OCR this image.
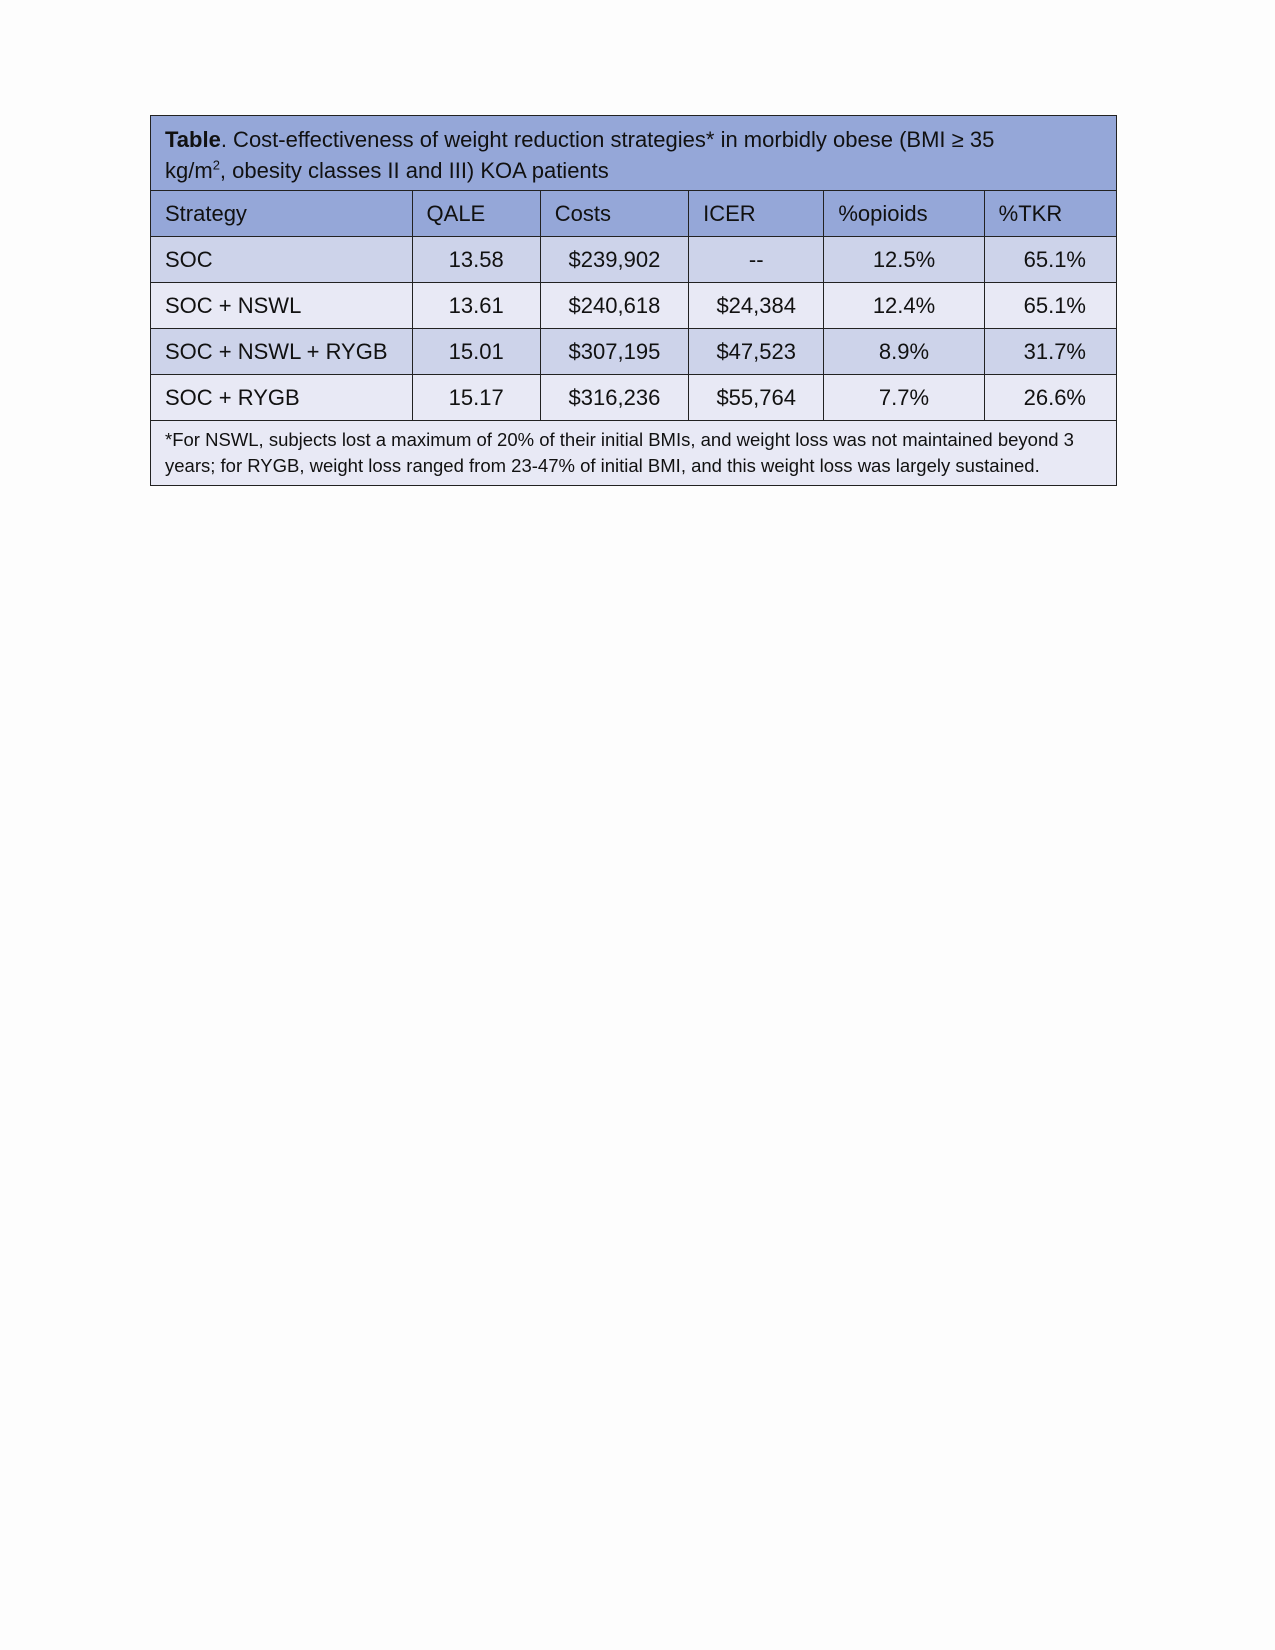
Table. Cost-effectiveness of weight reduction strategies* in morbidly obese (BMI ≥ 35
$kg/m^2$, obesity classes II and III) KOA patients					
Strategy	QALE	Costs	ICER	%opioids	%TKR
SOC	13.58	$239,902	--	12.5%	65.1%
SOC + NSWL	13.61	$240,618	$24,384	12.4%	65.1%
SOC + NSWL + RYGB	15.01	$307,195	$47,523	8.9%	31.7%
SOC + RYGB	15.17	$316,236	$55,764	7.7%	26.6%
*For NSWL, subjects lost a maximum of 20% of their initial BMIs, and weight loss was not maintained beyond 3 years; for RYGB, weight loss ranged from 23-47% of initial BMI, and this weight loss was largely sustained.					
